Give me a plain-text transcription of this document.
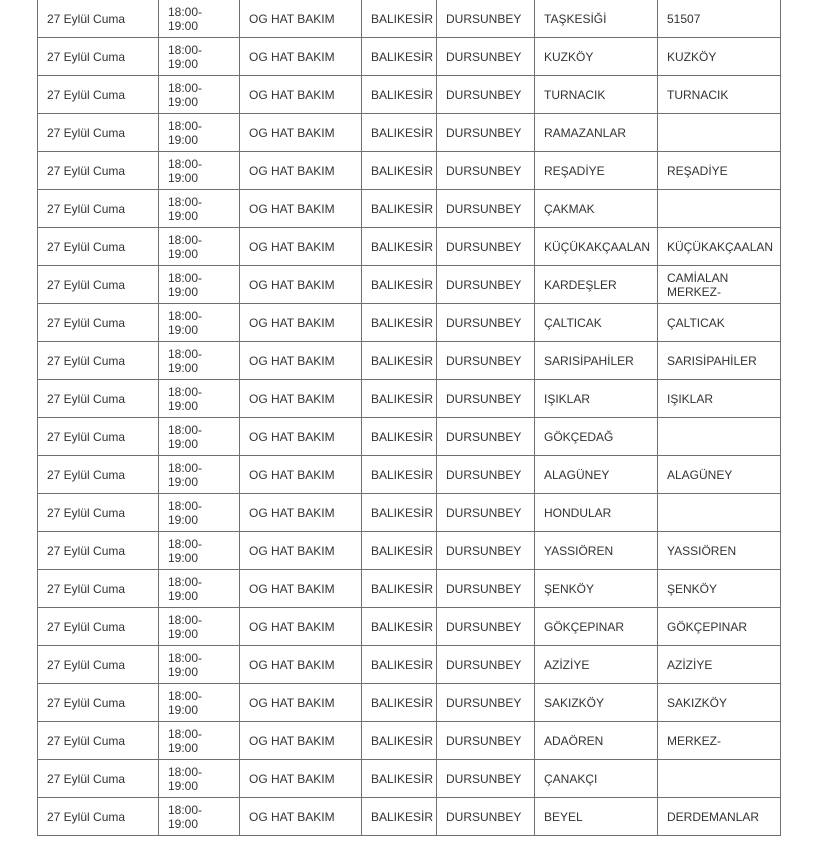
27 Eylül Cuma	18:00-19:00	OG HAT BAKIM	BALIKESİR	DURSUNBEY	TAŞKESİĞİ	51507
27 Eylül Cuma	18:00-19:00	OG HAT BAKIM	BALIKESİR	DURSUNBEY	KUZKÖY	KUZKÖY
27 Eylül Cuma	18:00-19:00	OG HAT BAKIM	BALIKESİR	DURSUNBEY	TURNACIK	TURNACIK
27 Eylül Cuma	18:00-19:00	OG HAT BAKIM	BALIKESİR	DURSUNBEY	RAMAZANLAR	
27 Eylül Cuma	18:00-19:00	OG HAT BAKIM	BALIKESİR	DURSUNBEY	REŞADİYE	REŞADİYE
27 Eylül Cuma	18:00-19:00	OG HAT BAKIM	BALIKESİR	DURSUNBEY	ÇAKMAK	
27 Eylül Cuma	18:00-19:00	OG HAT BAKIM	BALIKESİR	DURSUNBEY	KÜÇÜKAKÇAALAN	KÜÇÜKAKÇAALAN
27 Eylül Cuma	18:00-19:00	OG HAT BAKIM	BALIKESİR	DURSUNBEY	KARDEŞLER	CAMİALAN MERKEZ-
27 Eylül Cuma	18:00-19:00	OG HAT BAKIM	BALIKESİR	DURSUNBEY	ÇALTICAK	ÇALTICAK
27 Eylül Cuma	18:00-19:00	OG HAT BAKIM	BALIKESİR	DURSUNBEY	SARISİPAHİLER	SARISİPAHİLER
27 Eylül Cuma	18:00-19:00	OG HAT BAKIM	BALIKESİR	DURSUNBEY	IŞIKLAR	IŞIKLAR
27 Eylül Cuma	18:00-19:00	OG HAT BAKIM	BALIKESİR	DURSUNBEY	GÖKÇEDAĞ	
27 Eylül Cuma	18:00-19:00	OG HAT BAKIM	BALIKESİR	DURSUNBEY	ALAGÜNEY	ALAGÜNEY
27 Eylül Cuma	18:00-19:00	OG HAT BAKIM	BALIKESİR	DURSUNBEY	HONDULAR	
27 Eylül Cuma	18:00-19:00	OG HAT BAKIM	BALIKESİR	DURSUNBEY	YASSIÖREN	YASSIÖREN
27 Eylül Cuma	18:00-19:00	OG HAT BAKIM	BALIKESİR	DURSUNBEY	ŞENKÖY	ŞENKÖY
27 Eylül Cuma	18:00-19:00	OG HAT BAKIM	BALIKESİR	DURSUNBEY	GÖKÇEPINAR	GÖKÇEPINAR
27 Eylül Cuma	18:00-19:00	OG HAT BAKIM	BALIKESİR	DURSUNBEY	AZİZİYE	AZİZİYE
27 Eylül Cuma	18:00-19:00	OG HAT BAKIM	BALIKESİR	DURSUNBEY	SAKIZKÖY	SAKIZKÖY
27 Eylül Cuma	18:00-19:00	OG HAT BAKIM	BALIKESİR	DURSUNBEY	ADAÖREN	MERKEZ-
27 Eylül Cuma	18:00-19:00	OG HAT BAKIM	BALIKESİR	DURSUNBEY	ÇANAKÇI	
27 Eylül Cuma	18:00-19:00	OG HAT BAKIM	BALIKESİR	DURSUNBEY	BEYEL	DERDEMANLAR
